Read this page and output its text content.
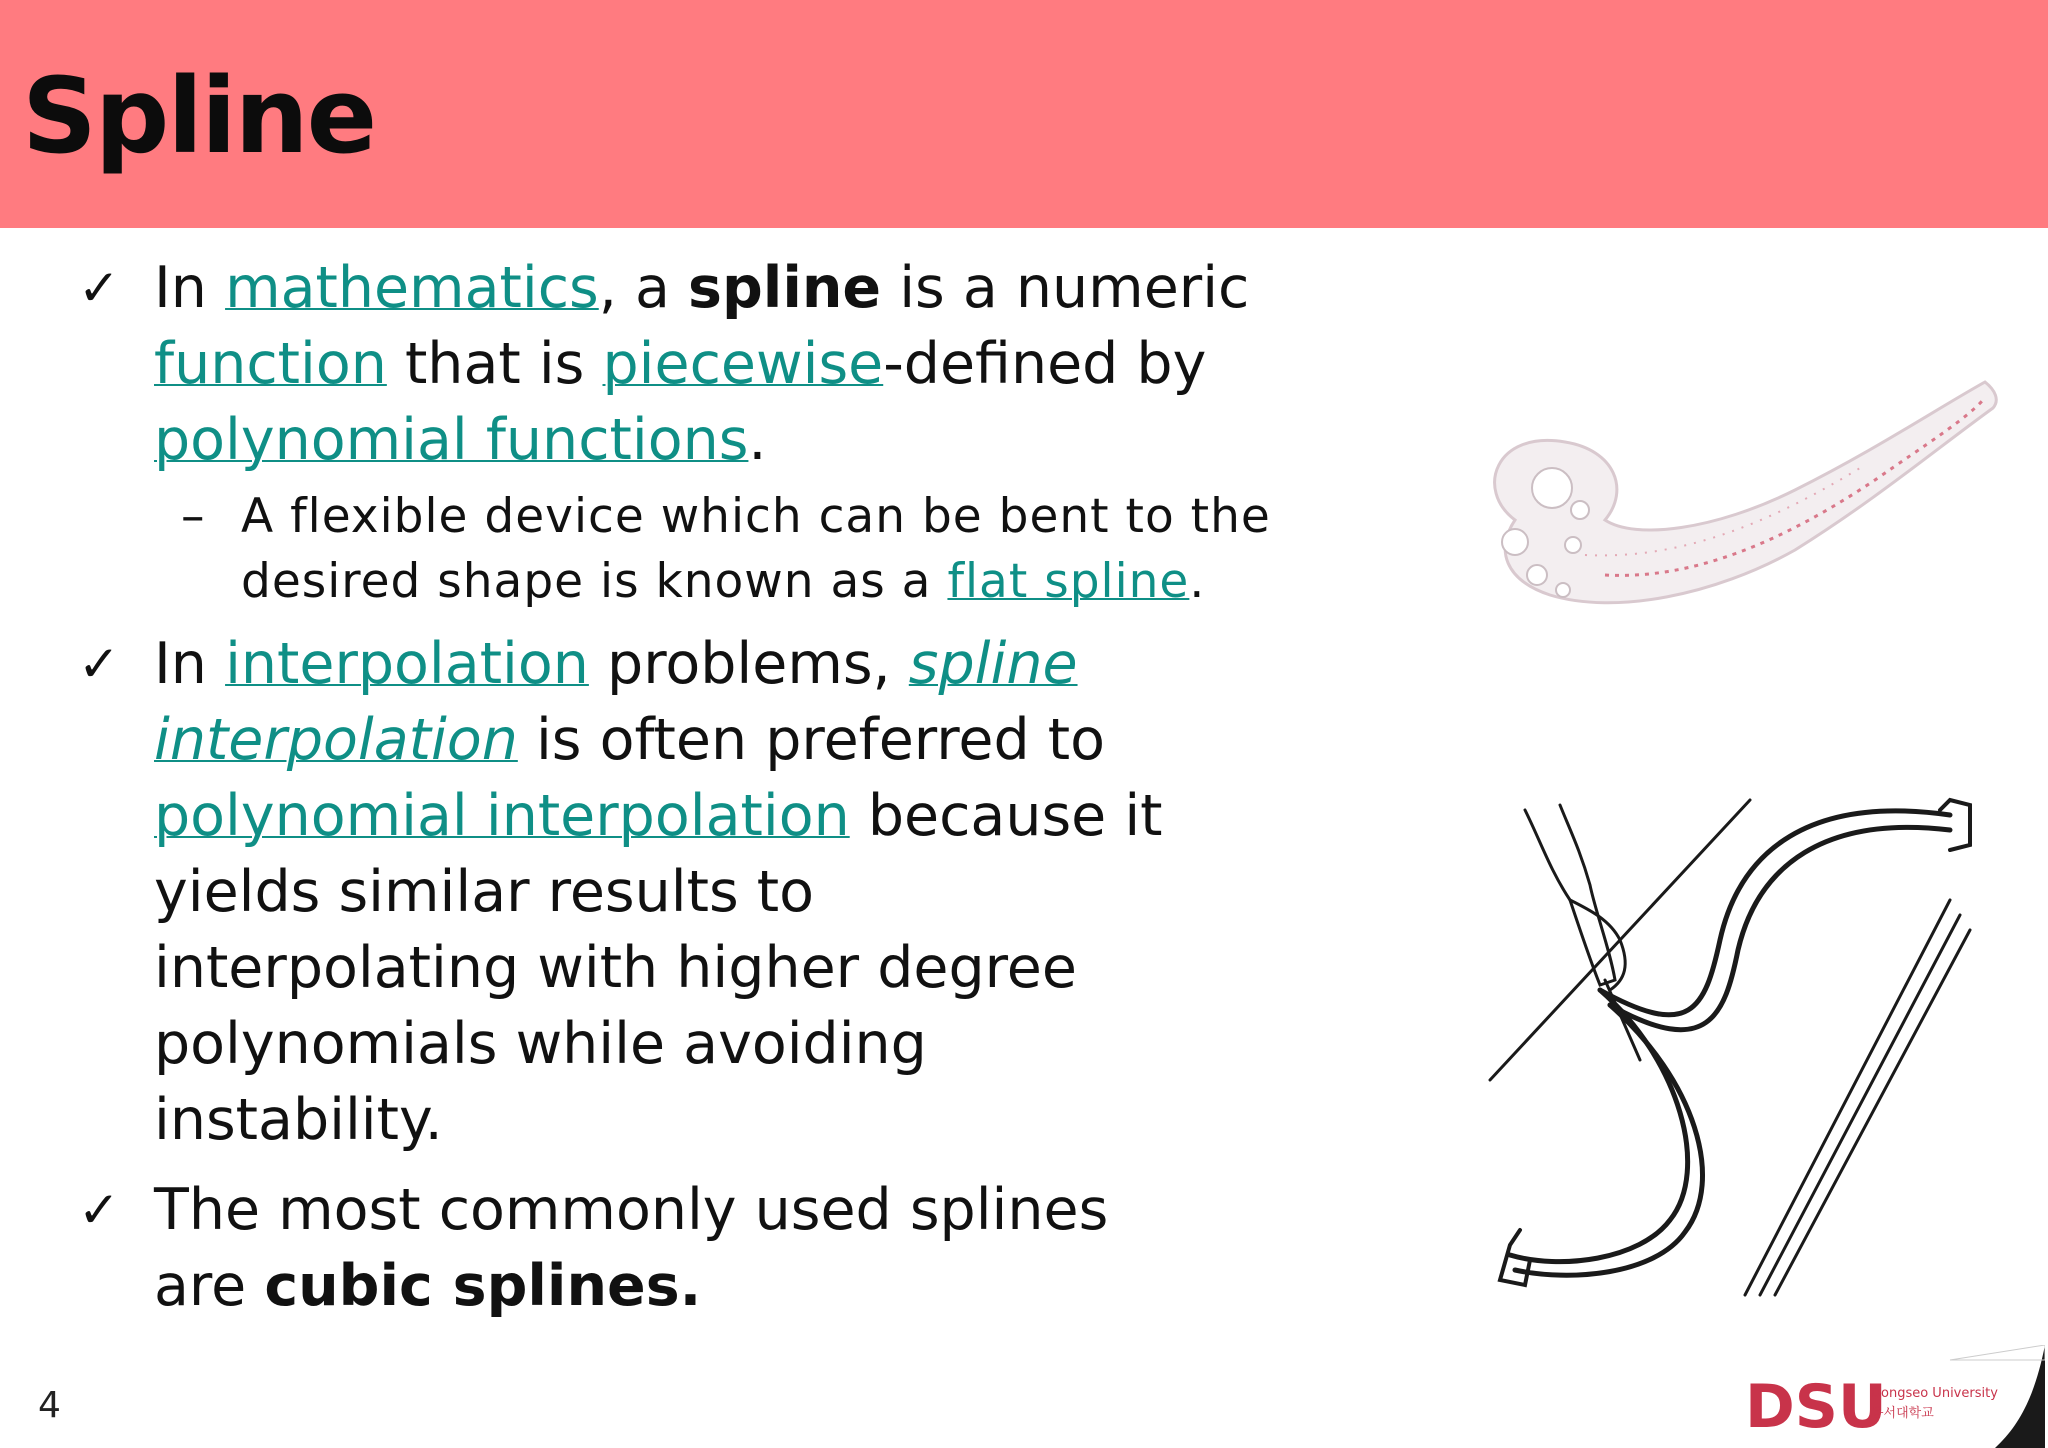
Spline

✓ In mathematics, a spline is a numeric function that is piecewise-defined by polynomial functions.

– A flexible device which can be bent to the desired shape is known as a flat spline.

✓ In interpolation problems, spline interpolation is often preferred to polynomial interpolation because it yields similar results to interpolating with higher degree polynomials while avoiding instability.

✓ The most commonly used splines are cubic splines.

4	DSU
Dongseo University
동서대학교
